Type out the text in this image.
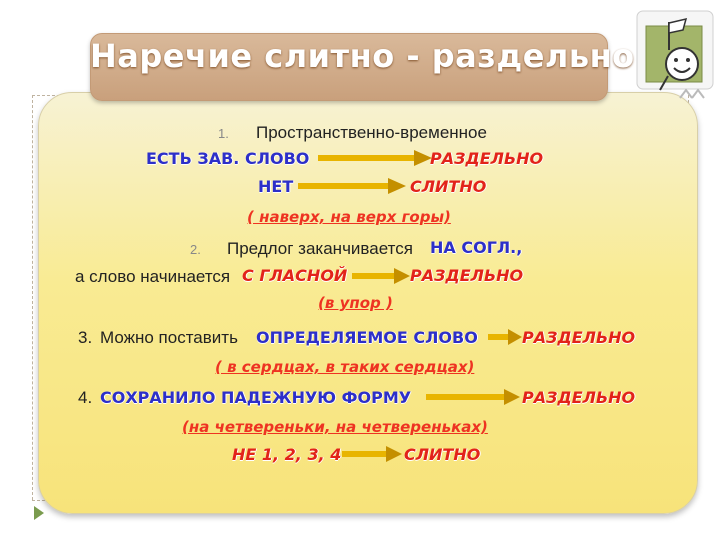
Наречие слитно - раздельно
1. Пространственно-временное
ЕСТЬ ЗАВ. СЛОВО	РАЗДЕЛЬНО
НЕТ	СЛИТНО
( наверх, на верх горы)
2. Предлог заканчивается НА СОГЛ.,
а слово начинается С ГЛАСНОЙ	РАЗДЕЛЬНО
(в упор )
3. Можно поставить ОПРЕДЕЛЯЕМОЕ СЛОВО	РАЗДЕЛЬНО
( в сердцах, в таких сердцах)
4. СОХРАНИЛО ПАДЕЖНУЮ ФОРМУ	РАЗДЕЛЬНО
(на четвереньки, на четвереньках)
НЕ 1, 2, 3, 4	СЛИТНО
